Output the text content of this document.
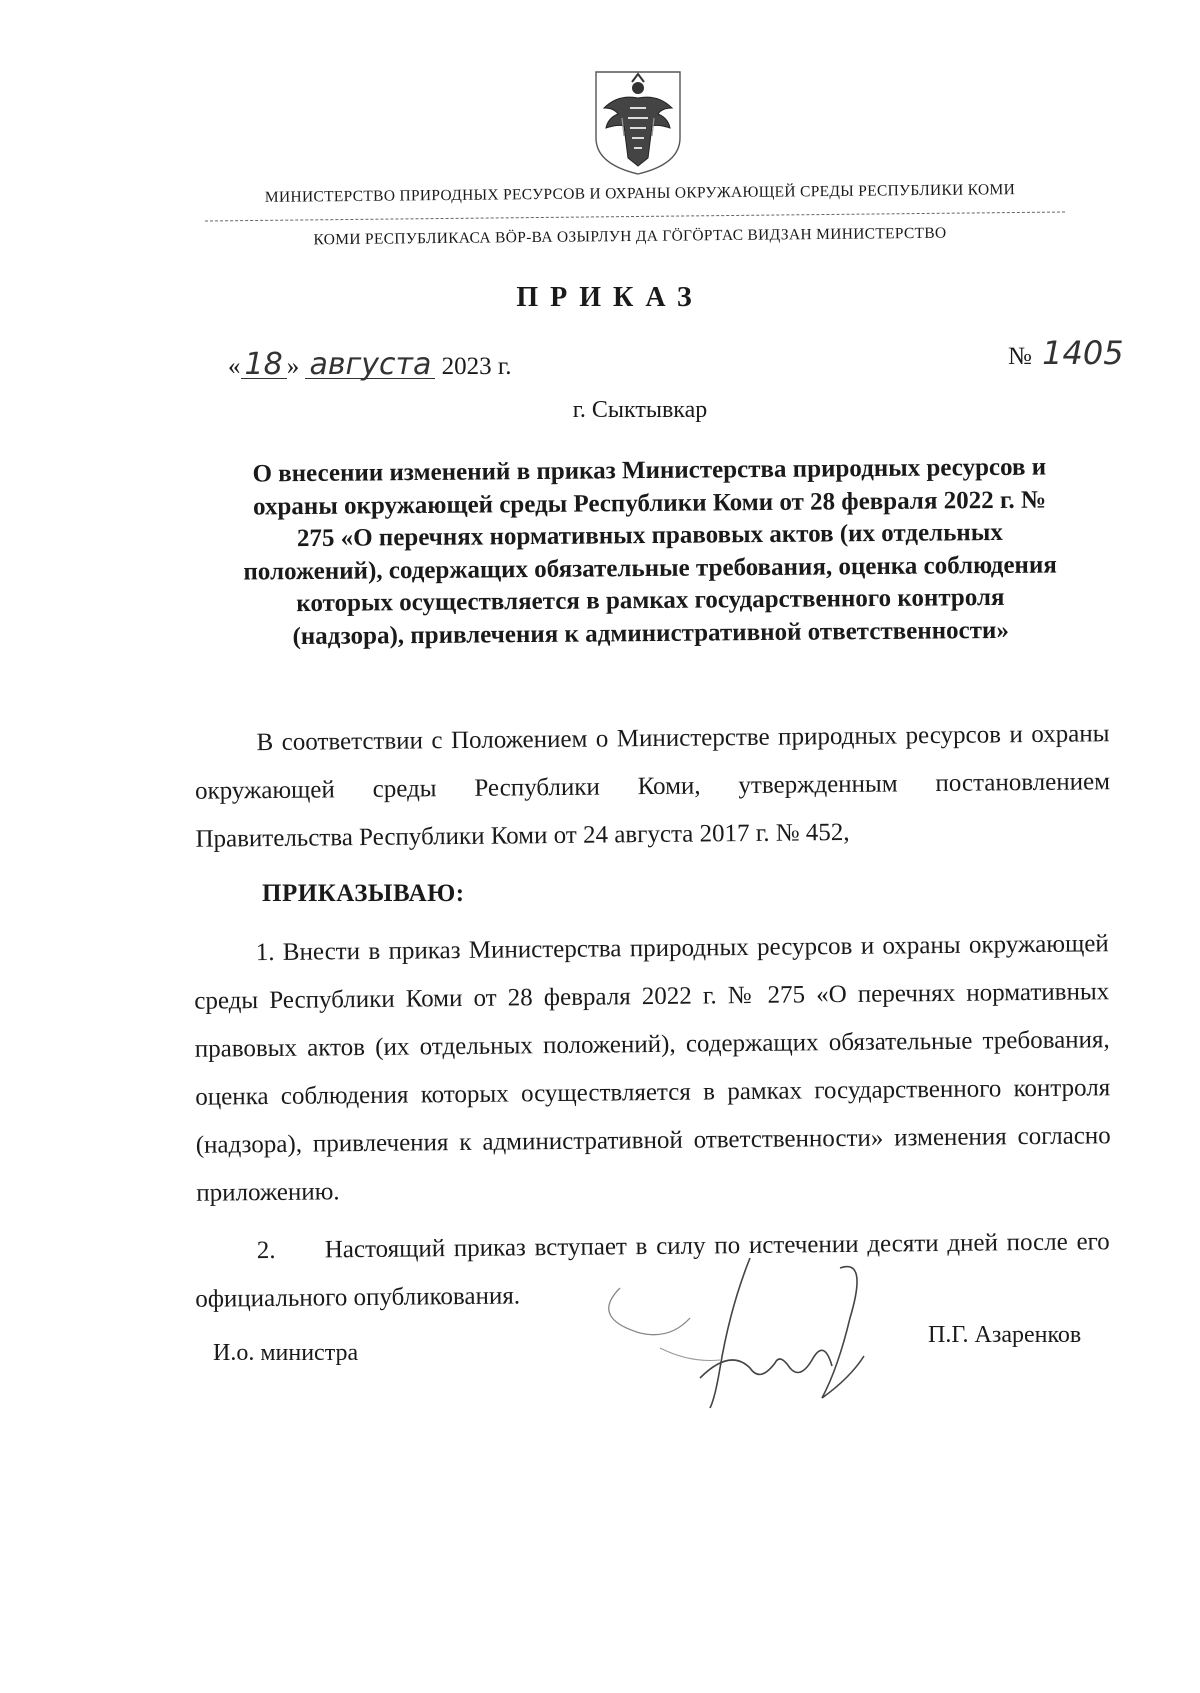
МИНИСТЕРСТВО ПРИРОДНЫХ РЕСУРСОВ И ОХРАНЫ ОКРУЖАЮЩЕЙ СРЕДЫ РЕСПУБЛИКИ КОМИ
КОМИ РЕСПУБЛИКАСА ВӦР-ВА ОЗЫРЛУН ДА ГӦГӦРТАС ВИДЗАН МИНИСТЕРСТВО
ПРИКАЗ
« 18 » августа 2023 г.	№ 1405
г. Сыктывкар
О внесении изменений в приказ Министерства природных ресурсов и охраны окружающей среды Республики Коми от 28 февраля 2022 г. № 275 «О перечнях нормативных правовых актов (их отдельных положений), содержащих обязательные требования, оценка соблюдения которых осуществляется в рамках государственного контроля (надзора), привлечения к административной ответственности»
В соответствии с Положением о Министерстве природных ресурсов и охраны окружающей среды Республики Коми, утвержденным постановлением Правительства Республики Коми от 24 августа 2017 г. № 452,
ПРИКАЗЫВАЮ:
1. Внести в приказ Министерства природных ресурсов и охраны окружающей среды Республики Коми от 28 февраля 2022 г. № 275 «О перечнях нормативных правовых актов (их отдельных положений), содержащих обязательные требования, оценка соблюдения которых осуществляется в рамках государственного контроля (надзора), привлечения к административной ответственности» изменения согласно приложению.
2. Настоящий приказ вступает в силу по истечении десяти дней после его официального опубликования.
И.о. министра
П.Г. Азаренков
